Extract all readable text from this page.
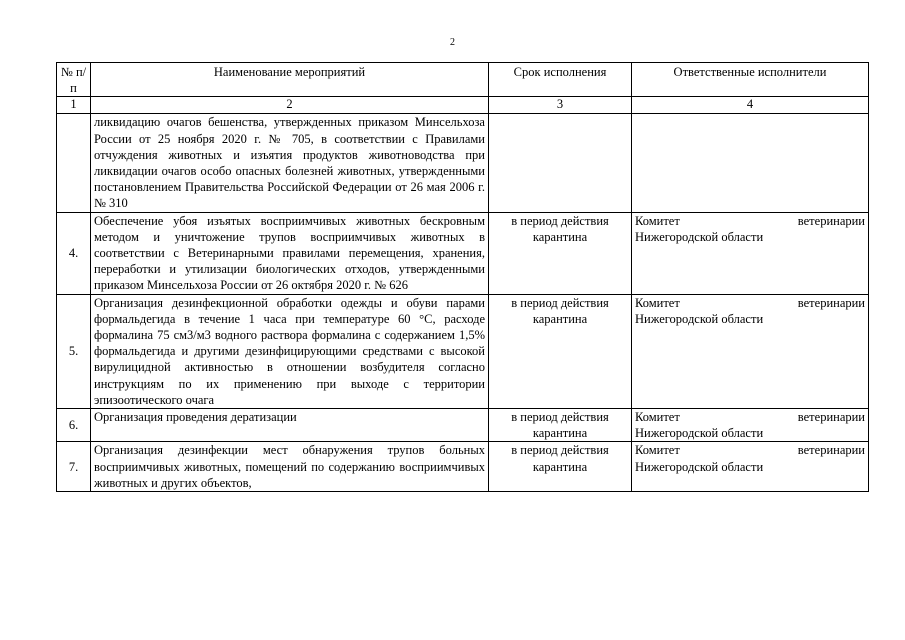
2
№ п/п	Наименование мероприятий	Срок исполнения	Ответственные исполнители
1	2	3	4
	ликвидацию очагов бешенства, утвержденных приказом Минсельхоза России от 25 ноября 2020 г. № 705, в соответствии с Правилами отчуждения животных и изъятия продуктов животноводства при ликвидации очагов особо опасных болезней животных, утвержденными постановлением Правительства Российской Федерации от 26 мая 2006 г. № 310		
4.	Обеспечение убоя изъятых восприимчивых животных бескровным методом и уничтожение трупов восприимчивых животных в соответствии с Ветеринарными правилами перемещения, хранения, переработки и утилизации биологических отходов, утвержденными приказом Минсельхоза России от 26 октября 2020 г. № 626	в период действия карантина	Комитет ветеринарии
Нижегородской области
5.	Организация дезинфекционной обработки одежды и обуви парами формальдегида в течение 1 часа при температуре 60 °С, расходе формалина 75 см3/м3 водного раствора формалина с содержанием 1,5% формальдегида и другими дезинфицирующими средствами с высокой вирулицидной активностью в отношении возбудителя согласно инструкциям по их применению при выходе с территории эпизоотического очага	в период действия карантина	Комитет ветеринарии
Нижегородской области
6.	Организация проведения дератизации	в период действия карантина	Комитет ветеринарии
Нижегородской области
7.	Организация дезинфекции мест обнаружения трупов больных восприимчивых животных, помещений по содержанию восприимчивых животных и других объектов,	в период действия карантина	Комитет ветеринарии
Нижегородской области
